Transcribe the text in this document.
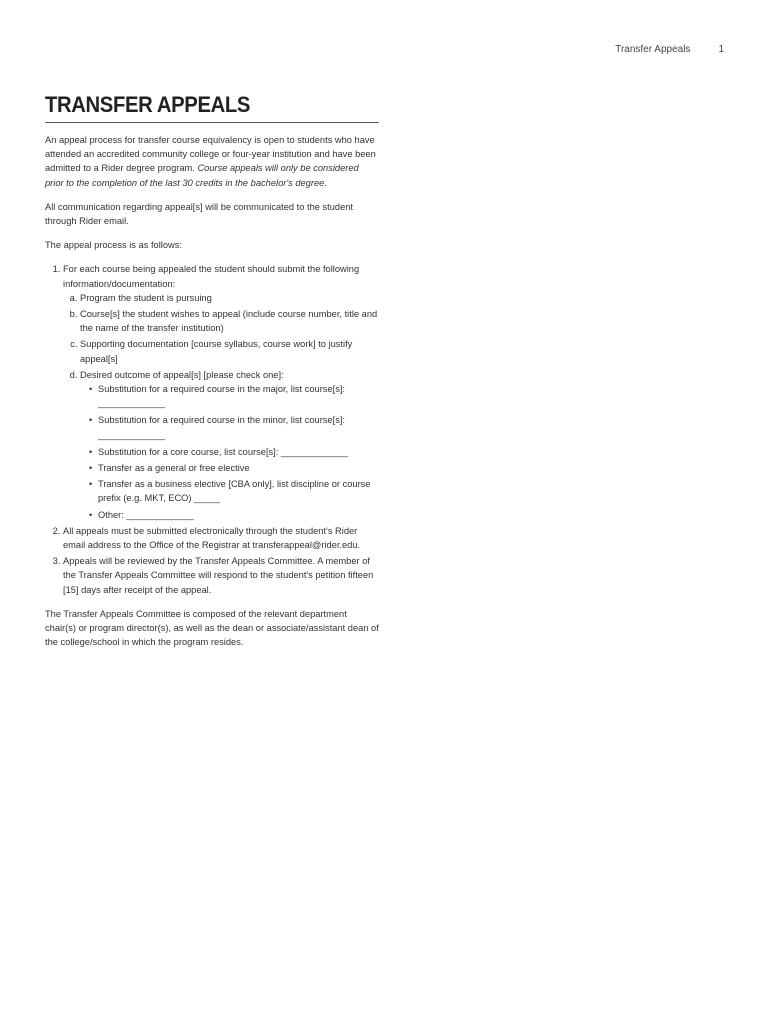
Transfer Appeals	1
TRANSFER APPEALS

An appeal process for transfer course equivalency is open to students who have attended an accredited community college or four-year institution and have been admitted to a Rider degree program. Course appeals will only be considered prior to the completion of the last 30 credits in the bachelor's degree.

All communication regarding appeal[s] will be communicated to the student through Rider email.

The appeal process is as follows:

1. For each course being appealed the student should submit the following information/documentation:
a. Program the student is pursuing
b. Course[s] the student wishes to appeal (include course number, title and the name of the transfer institution)
c. Supporting documentation [course syllabus, course work] to justify appeal[s]
d. Desired outcome of appeal[s] [please check one]:
• Substitution for a required course in the major, list course[s]: _____________
• Substitution for a required course in the minor, list course[s]: _____________
• Substitution for a core course, list course[s]: _____________
• Transfer as a general or free elective
• Transfer as a business elective [CBA only], list discipline or course prefix (e.g. MKT, ECO) _____
• Other: _____________
2. All appeals must be submitted electronically through the student's Rider email address to the Office of the Registrar at transferappeal@rider.edu.
3. Appeals will be reviewed by the Transfer Appeals Committee. A member of the Transfer Appeals Committee will respond to the student's petition fifteen [15] days after receipt of the appeal.

The Transfer Appeals Committee is composed of the relevant department chair(s) or program director(s), as well as the dean or associate/assistant dean of the college/school in which the program resides.
